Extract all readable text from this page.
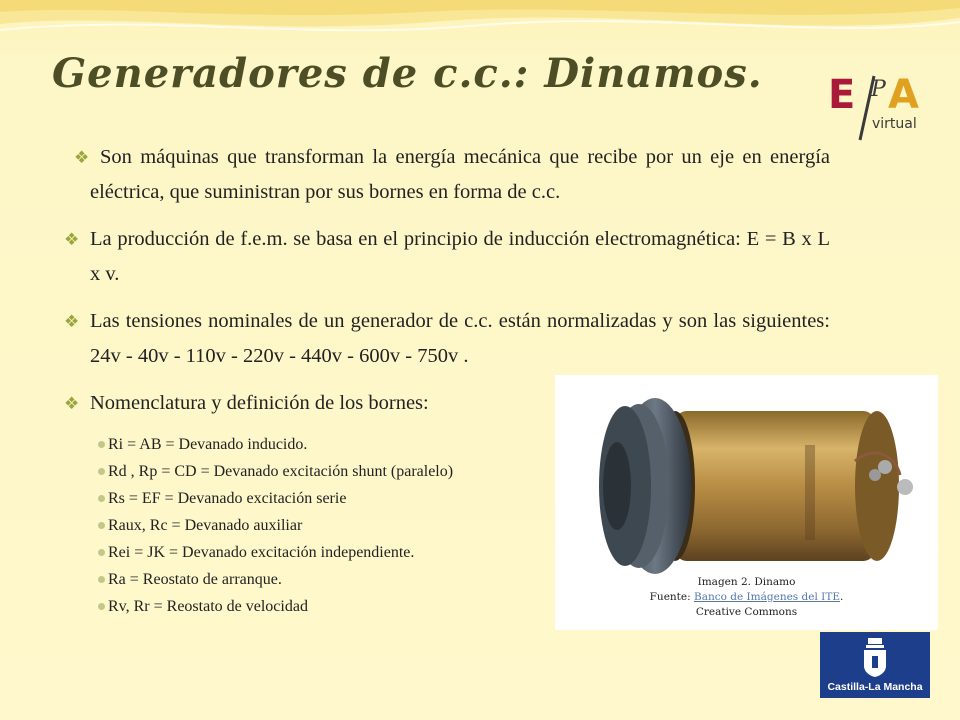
Generadores de c.c.: Dinamos. E P A
virtual

❖ Son máquinas que transforman la energía mecánica que recibe por un eje en energía eléctrica, que suministran por sus bornes en forma de c.c.

❖ La producción de f.e.m. se basa en el principio de inducción electromagnética: E = B x L x v.

❖ Las tensiones nominales de un generador de c.c. están normalizadas y son las siguientes: 24v - 40v - 110v - 220v - 440v - 600v - 750v .

❖ Nomenclatura y definición de los bornes:

Ri = AB = Devanado inducido.

Rd , Rp = CD = Devanado excitación shunt (paralelo)

Rs = EF = Devanado excitación serie

Raux, Rc = Devanado auxiliar

Rei = JK = Devanado excitación independiente.

Ra = Reostato de arranque.

Rv, Rr = Reostato de velocidad

Imagen 2. Dinamo
Fuente: Banco de Imágenes del ITE.
Creative Commons
Castilla-La Mancha
